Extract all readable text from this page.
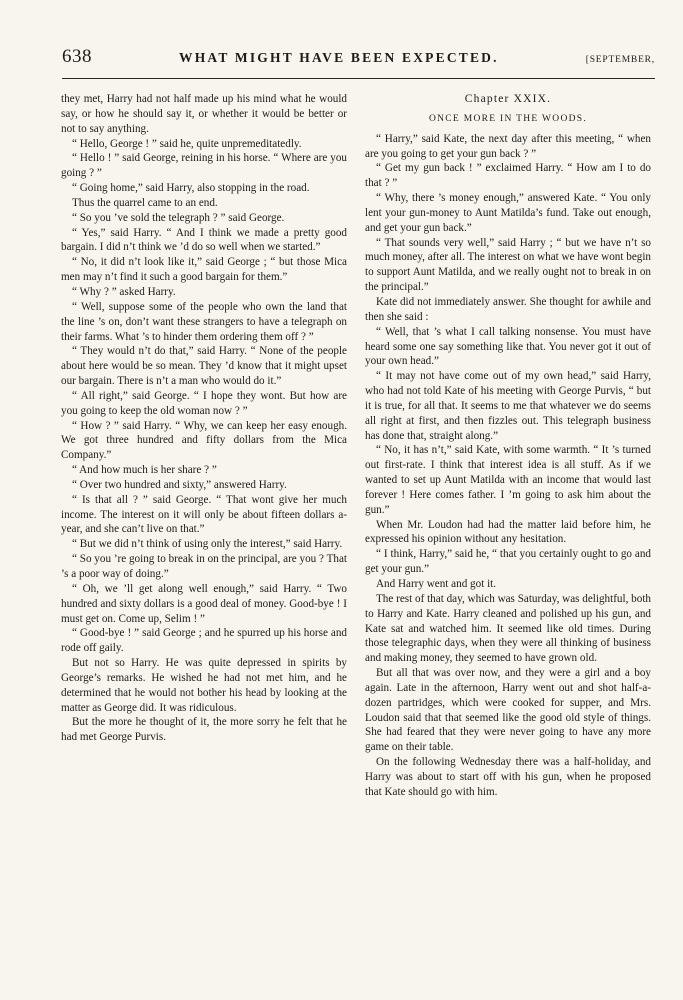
638	WHAT MIGHT HAVE BEEN EXPECTED.	[SEPTEMBER,

they met, Harry had not half made up his mind what he would say, or how he should say it, or whether it would be better or not to say anything.

“ Hello, George ! ” said he, quite unpremeditatedly.

“ Hello ! ” said George, reining in his horse. “ Where are you going ? ”

“ Going home,” said Harry, also stopping in the road.

Thus the quarrel came to an end.

“ So you ’ve sold the telegraph ? ” said George.

“ Yes,” said Harry. “ And I think we made a pretty good bargain. I did n’t think we ’d do so well when we started.”

“ No, it did n’t look like it,” said George ; “ but those Mica men may n’t find it such a good bargain for them.”

“ Why ? ” asked Harry.

“ Well, suppose some of the people who own the land that the line ’s on, don’t want these strangers to have a telegraph on their farms. What ’s to hinder them ordering them off ? ”

“ They would n’t do that,” said Harry. “ None of the people about here would be so mean. They ’d know that it might upset our bargain. There is n’t a man who would do it.”

“ All right,” said George. “ I hope they wont. But how are you going to keep the old woman now ? ”

“ How ? ” said Harry. “ Why, we can keep her easy enough. We got three hundred and fifty dollars from the Mica Company.”

“ And how much is her share ? ”

“ Over two hundred and sixty,” answered Harry.

“ Is that all ? ” said George. “ That wont give her much income. The interest on it will only be about fifteen dollars a-year, and she can’t live on that.”

“ But we did n’t think of using only the interest,” said Harry.

“ So you ’re going to break in on the principal, are you ? That ’s a poor way of doing.”

“ Oh, we ’ll get along well enough,” said Harry. “ Two hundred and sixty dollars is a good deal of money. Good-bye ! I must get on. Come up, Selim ! ”

“ Good-bye ! ” said George ; and he spurred up his horse and rode off gaily.

But not so Harry. He was quite depressed in spirits by George’s remarks. He wished he had not met him, and he determined that he would not bother his head by looking at the matter as George did. It was ridiculous.

But the more he thought of it, the more sorry he felt that he had met George Purvis.

Chapter XXIX.
ONCE MORE IN THE WOODS.

“ Harry,” said Kate, the next day after this meeting, “ when are you going to get your gun back ? ”

“ Get my gun back ! ” exclaimed Harry. “ How am I to do that ? ”

“ Why, there ’s money enough,” answered Kate. “ You only lent your gun-money to Aunt Matilda’s fund. Take out enough, and get your gun back.”

“ That sounds very well,” said Harry ; “ but we have n’t so much money, after all. The interest on what we have wont begin to support Aunt Matilda, and we really ought not to break in on the principal.”

Kate did not immediately answer. She thought for awhile and then she said :

“ Well, that ’s what I call talking nonsense. You must have heard some one say something like that. You never got it out of your own head.”

“ It may not have come out of my own head,” said Harry, who had not told Kate of his meeting with George Purvis, “ but it is true, for all that. It seems to me that whatever we do seems all right at first, and then fizzles out. This telegraph business has done that, straight along.”

“ No, it has n’t,” said Kate, with some warmth. “ It ’s turned out first-rate. I think that interest idea is all stuff. As if we wanted to set up Aunt Matilda with an income that would last forever ! Here comes father. I ’m going to ask him about the gun.”

When Mr. Loudon had had the matter laid before him, he expressed his opinion without any hesitation.

“ I think, Harry,” said he, “ that you certainly ought to go and get your gun.”

And Harry went and got it.

The rest of that day, which was Saturday, was delightful, both to Harry and Kate. Harry cleaned and polished up his gun, and Kate sat and watched him. It seemed like old times. During those telegraphic days, when they were all thinking of business and making money, they seemed to have grown old.

But all that was over now, and they were a girl and a boy again. Late in the afternoon, Harry went out and shot half-a-dozen partridges, which were cooked for supper, and Mrs. Loudon said that that seemed like the good old style of things. She had feared that they were never going to have any more game on their table.

On the following Wednesday there was a half-holiday, and Harry was about to start off with his gun, when he proposed that Kate should go with him.
